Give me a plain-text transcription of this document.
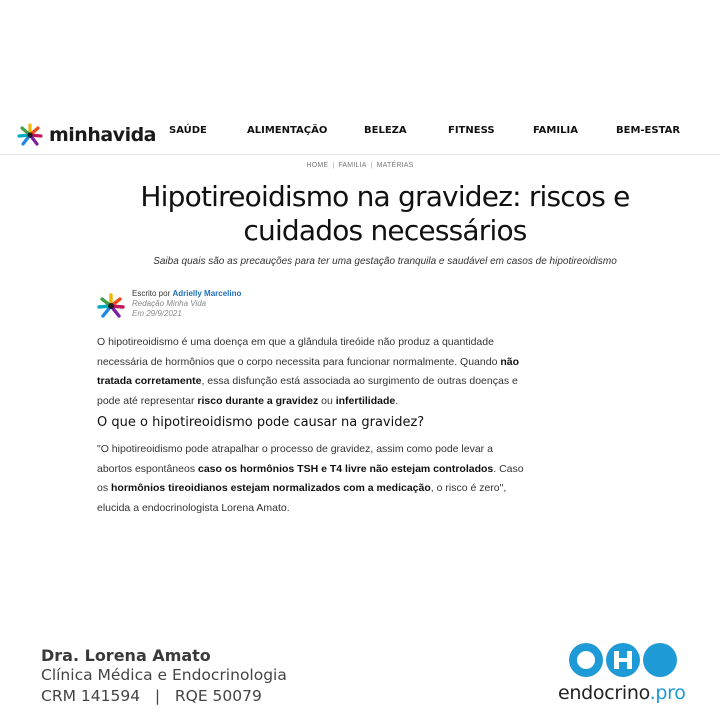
minhavida SAÚDE	ALIMENTAÇÃO	BELEZA	FITNESS	FAMILIA	BEM-ESTAR
HOME | FAMILIA | MATÉRIAS
Hipotireoidismo na gravidez: riscos e
cuidados necessários

Saiba quais são as precauções para ter uma gestação tranquila e saudável em casos de hipotireoidismo

Escrito por Adrielly Marcelino
Redação Minha Vida
Em 29/9/2021

O hipotireoidismo é uma doença em que a glândula tireóide não produz a quantidade necessária de hormônios que o corpo necessita para funcionar normalmente. Quando não tratada corretamente, essa disfunção está associada ao surgimento de outras doenças e pode até representar risco durante a gravidez ou infertilidade.

O que o hipotireoidismo pode causar na gravidez?

"O hipotireoidismo pode atrapalhar o processo de gravidez, assim como pode levar a abortos espontâneos caso os hormônios TSH e T4 livre não estejam controlados. Caso os hormônios tireoidianos estejam normalizados com a medicação, o risco é zero", elucida a endocrinologista Lorena Amato.

Dra. Lorena Amato
Clínica Médica e Endocrinologia
CRM 141594   |   RQE 50079	endocrino.pro
